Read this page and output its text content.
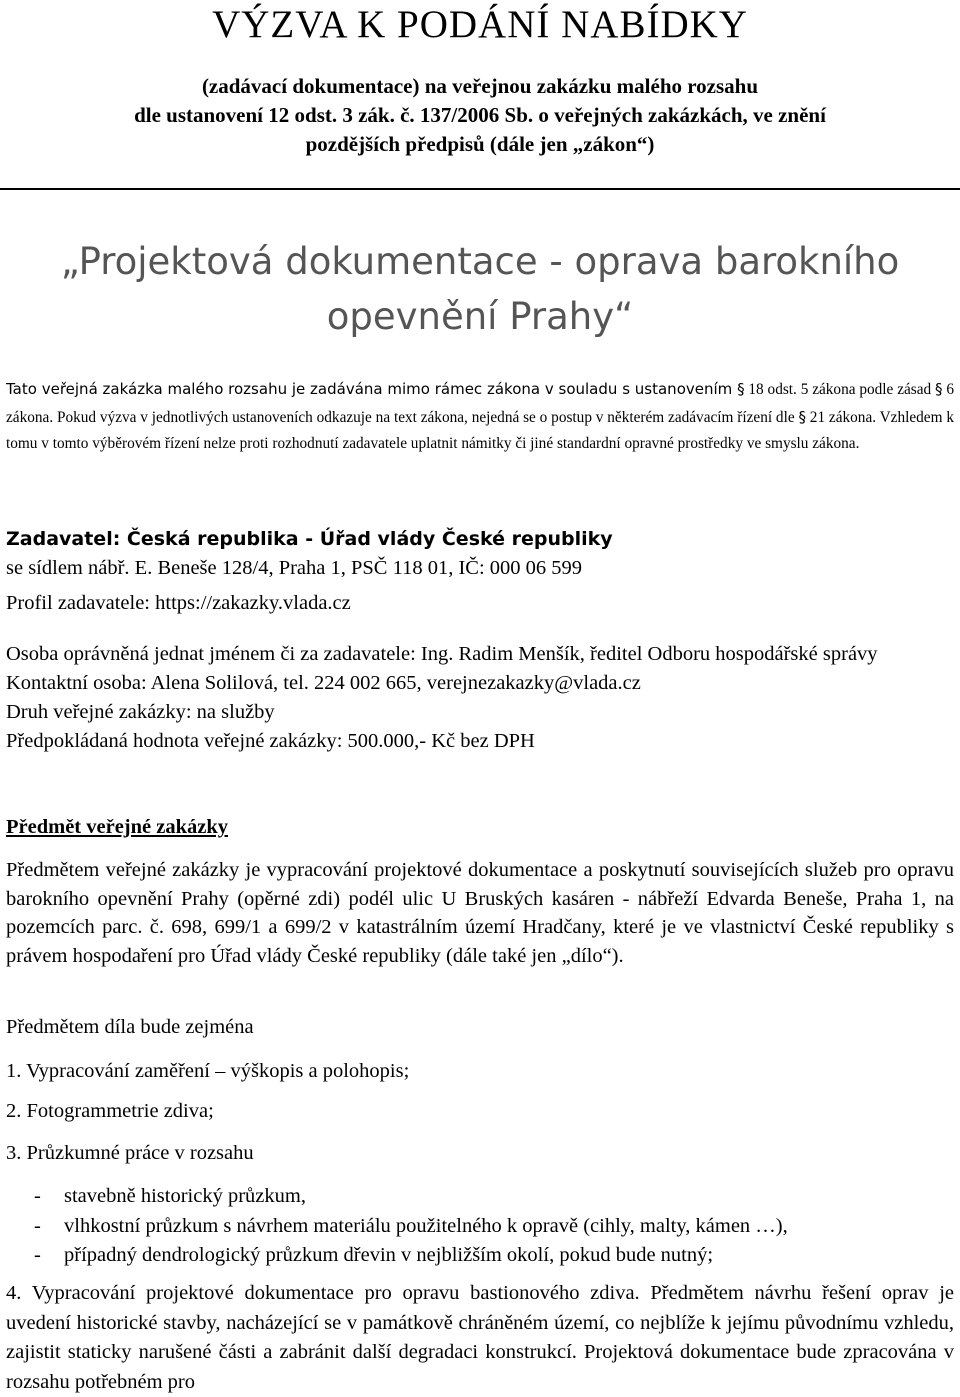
VÝZVA K PODÁNÍ NABÍDKY
(zadávací dokumentace) na veřejnou zakázku malého rozsahu
dle ustanovení 12 odst. 3 zák. č. 137/2006 Sb. o veřejných zakázkách, ve znění
pozdějších předpisů (dále jen „zákon“)
„Projektová dokumentace - oprava barokního
opevnění Prahy“

Tato veřejná zakázka malého rozsahu je zadávána mimo rámec zákona v souladu s ustanovením § 18 odst. 5 zákona podle zásad § 6 zákona. Pokud výzva v jednotlivých ustanoveních odkazuje na text zákona, nejedná se o postup v některém zadávacím řízení dle § 21 zákona. Vzhledem k tomu v tomto výběrovém řízení nelze proti rozhodnutí zadavatele uplatnit námitky či jiné standardní opravné prostředky ve smyslu zákona.

Zadavatel: Česká republika - Úřad vlády České republiky
se sídlem nábř. E. Beneše 128/4, Praha 1, PSČ 118 01, IČ: 000 06 599
Profil zadavatele: https://zakazky.vlada.cz
Osoba oprávněná jednat jménem či za zadavatele: Ing. Radim Menšík, ředitel Odboru hospodářské správy
Kontaktní osoba: Alena Solilová, tel. 224 002 665, verejnezakazky@vlada.cz
Druh veřejné zakázky: na služby
Předpokládaná hodnota veřejné zakázky: 500.000,- Kč bez DPH
Předmět veřejné zakázky
Předmětem veřejné zakázky je vypracování projektové dokumentace a poskytnutí souvisejících služeb pro opravu barokního opevnění Prahy (opěrné zdi) podél ulic U Bruských kasáren - nábřeží Edvarda Beneše, Praha 1, na pozemcích parc. č. 698, 699/1 a 699/2 v katastrálním území Hradčany, které je ve vlastnictví České republiky s právem hospodaření pro Úřad vlády České republiky (dále také jen „dílo“).
Předmětem díla bude zejména
1. Vypracování zaměření – výškopis a polohopis;
2. Fotogrammetrie zdiva;
3. Průzkumné práce v rozsahu
- stavebně historický průzkum,
- vlhkostní průzkum s návrhem materiálu použitelného k opravě (cihly, malty, kámen …),
- případný dendrologický průzkum dřevin v nejbližším okolí, pokud bude nutný;
4. Vypracování projektové dokumentace pro opravu bastionového zdiva. Předmětem návrhu řešení oprav je uvedení historické stavby, nacházející se v památkově chráněném území, co nejblíže k jejímu původnímu vzhledu, zajistit staticky narušené části a zabránit další degradaci konstrukcí. Projektová dokumentace bude zpracována v rozsahu potřebném pro
